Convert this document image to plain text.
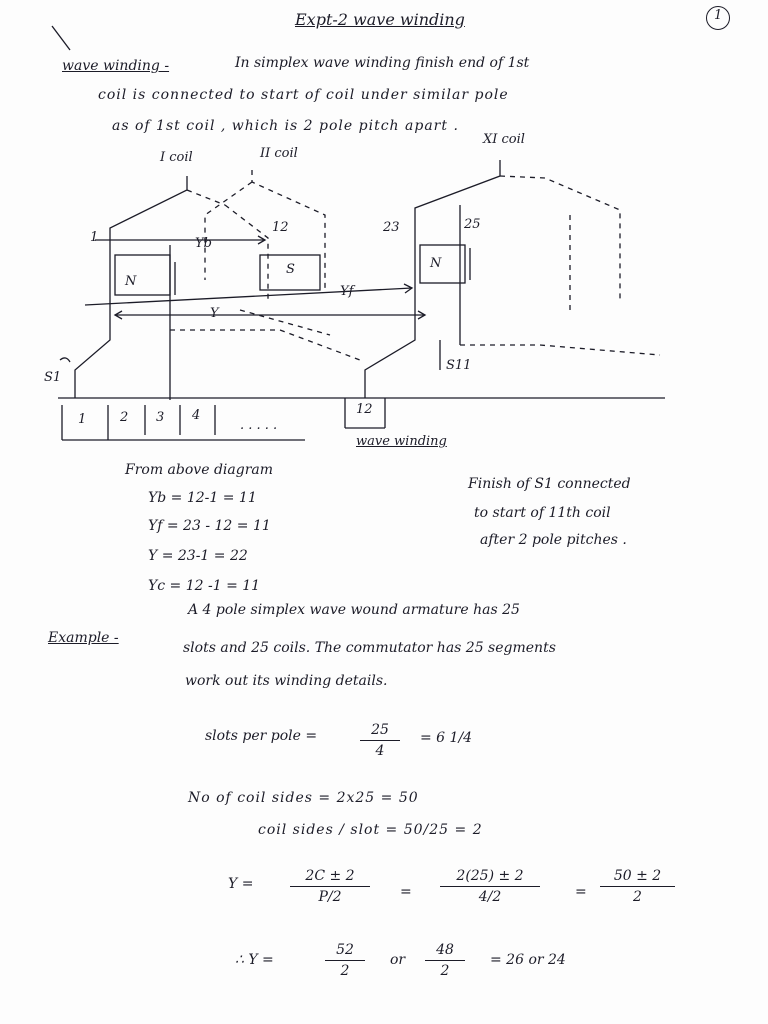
Expt-2 wave winding	1
wave winding -	In simplex wave winding finish end of 1st
coil is connected to start of coil under similar pole
as of 1st coil , which is 2 pole pitch apart .
I coil	II coil
XI coil
1
12	23	25
N
S	N
Yb
Yf
Y
S1
S11
1	2 3 4
. . . . .
12
wave winding
From above diagram
Yb = 12-1 = 11
Yf = 23 - 12 = 11
Y = 23-1 = 22
Yc = 12 -1 = 11
Finish of S1 connected
to start of 11th coil
after 2 pole pitches .
Example -
A 4 pole simplex wave wound armature has 25
slots and 25 coils. The commutator has 25 segments
work out its winding details.
slots per pole =	25
4
= 6 1/4
No of coil sides = 2x25 = 50
coil sides / slot = 50/25 = 2
Y =	2C ± 2
P/2	=
2(25) ± 2
4/2	=
50 ± 2
2
∴ Y =
52
2
or
48
2
= 26 or 24
